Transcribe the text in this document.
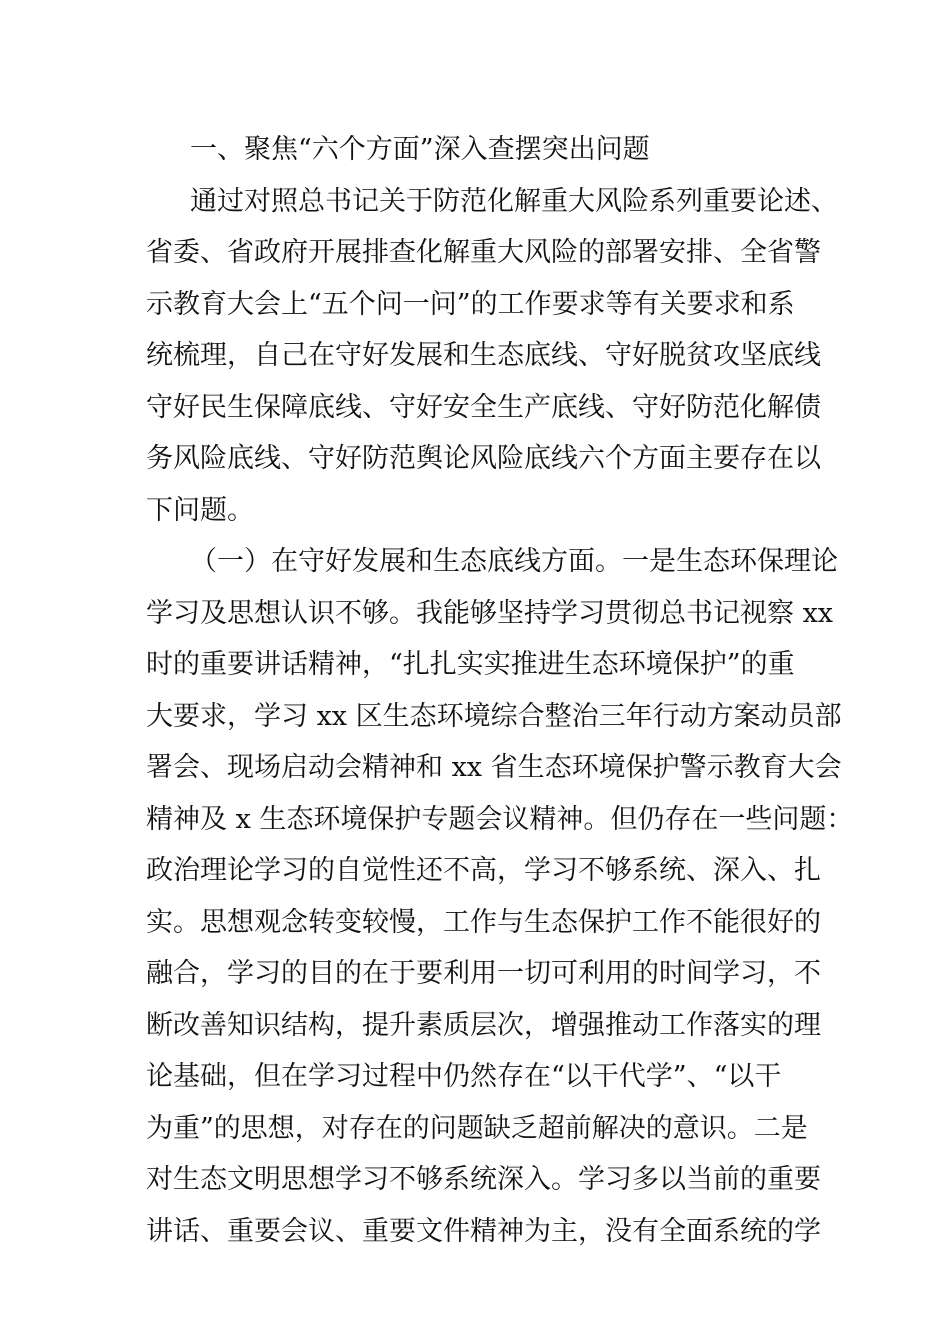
一、聚焦“六个方面”深入查摆突出问题
通过对照总书记关于防范化解重大风险系列重要论述、
省委、省政府开展排查化解重大风险的部署安排、全省警
示教育大会上“五个问一问”的工作要求等有关要求和系
统梳理，自己在守好发展和生态底线、守好脱贫攻坚底线
守好民生保障底线、守好安全生产底线、守好防范化解债
务风险底线、守好防范舆论风险底线六个方面主要存在以
下问题。
（一）在守好发展和生态底线方面。一是生态环保理论
学习及思想认识不够。我能够坚持学习贯彻总书记视察 xx
时的重要讲话精神，“扎扎实实推进生态环境保护”的重
大要求，学习 xx 区生态环境综合整治三年行动方案动员部
署会、现场启动会精神和 xx 省生态环境保护警示教育大会
精神及 x 生态环境保护专题会议精神。但仍存在一些问题：
政治理论学习的自觉性还不高，学习不够系统、深入、扎
实。思想观念转变较慢，工作与生态保护工作不能很好的
融合，学习的目的在于要利用一切可利用的时间学习，不
断改善知识结构，提升素质层次，增强推动工作落实的理
论基础，但在学习过程中仍然存在“以干代学”、“以干
为重”的思想，对存在的问题缺乏超前解决的意识。二是
对生态文明思想学习不够系统深入。学习多以当前的重要
讲话、重要会议、重要文件精神为主，没有全面系统的学
